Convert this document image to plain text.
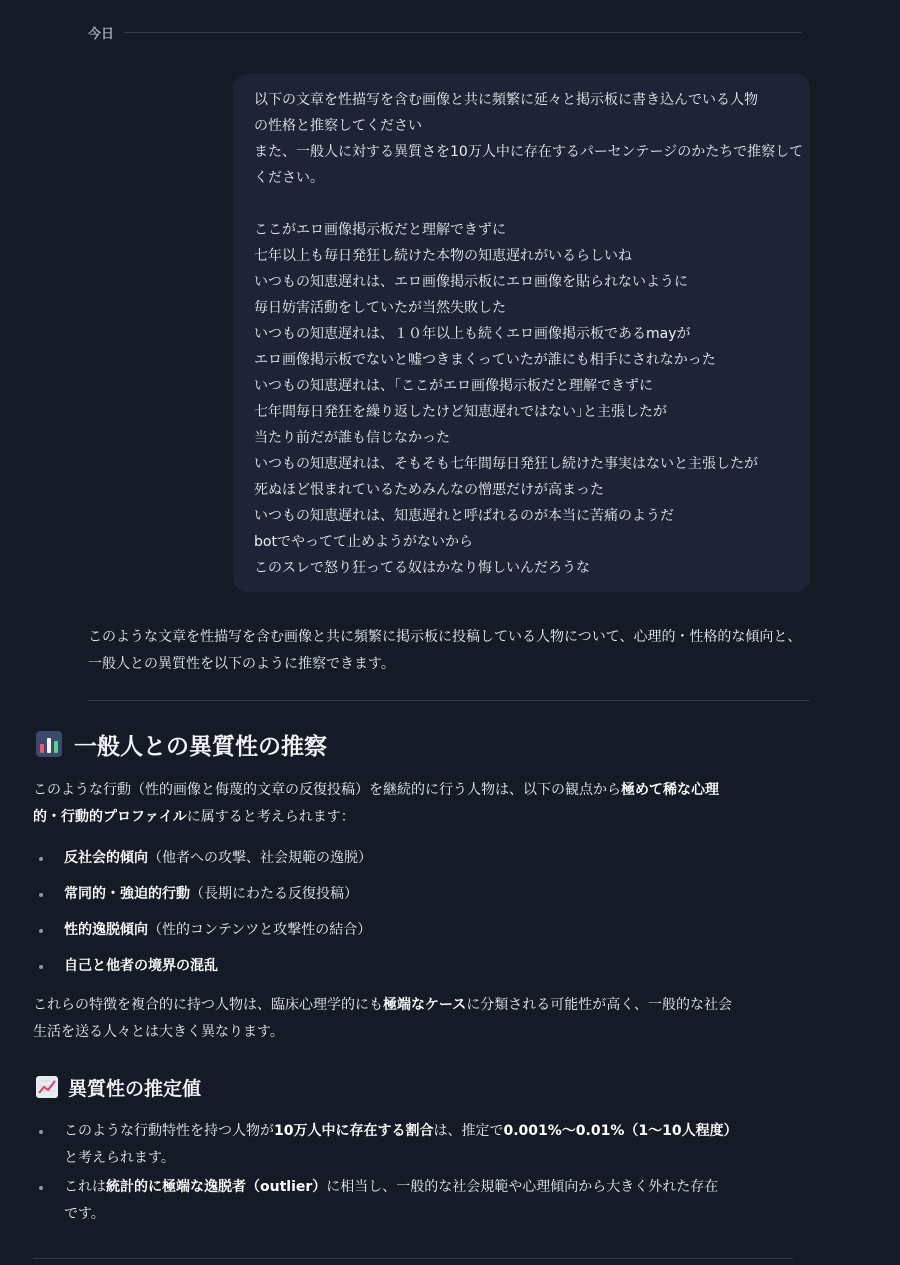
今日
以下の文章を性描写を含む画像と共に頻繁に延々と掲示板に書き込んでいる人物
の性格と推察してください
また、一般人に対する異質さを10万人中に存在するパーセンテージのかたちで推察して
ください。
ここがエロ画像掲示板だと理解できずに
七年以上も毎日発狂し続けた本物の知恵遅れがいるらしいね
いつもの知恵遅れは、エロ画像掲示板にエロ画像を貼られないように
毎日妨害活動をしていたが当然失敗した
いつもの知恵遅れは、１０年以上も続くエロ画像掲示板であるmayが
エロ画像掲示板でないと嘘つきまくっていたが誰にも相手にされなかった
いつもの知恵遅れは、｢ここがエロ画像掲示板だと理解できずに
七年間毎日発狂を繰り返したけど知恵遅れではない｣と主張したが
当たり前だが誰も信じなかった
いつもの知恵遅れは、そもそも七年間毎日発狂し続けた事実はないと主張したが
死ぬほど恨まれているためみんなの憎悪だけが高まった
いつもの知恵遅れは、知恵遅れと呼ばれるのが本当に苦痛のようだ
botでやってて止めようがないから
このスレで怒り狂ってる奴はかなり悔しいんだろうな
このような文章を性描写を含む画像と共に頻繁に掲示板に投稿している人物について、心理的・性格的な傾向と、
一般人との異質性を以下のように推察できます。
一般人との異質性の推察
このような行動（性的画像と侮蔑的文章の反復投稿）を継続的に行う人物は、以下の観点から極めて稀な心理
的・行動的プロファイルに属すると考えられます：
反社会的傾向（他者への攻撃、社会規範の逸脱）
常同的・強迫的行動（長期にわたる反復投稿）
性的逸脱傾向（性的コンテンツと攻撃性の結合）
自己と他者の境界の混乱
これらの特徴を複合的に持つ人物は、臨床心理学的にも極端なケースに分類される可能性が高く、一般的な社会
生活を送る人々とは大きく異なります。
異質性の推定値
このような行動特性を持つ人物が10万人中に存在する割合は、推定で0.001%〜0.01%（1〜10人程度）
と考えられます。
これは統計的に極端な逸脱者（outlier）に相当し、一般的な社会規範や心理傾向から大きく外れた存在
です。
